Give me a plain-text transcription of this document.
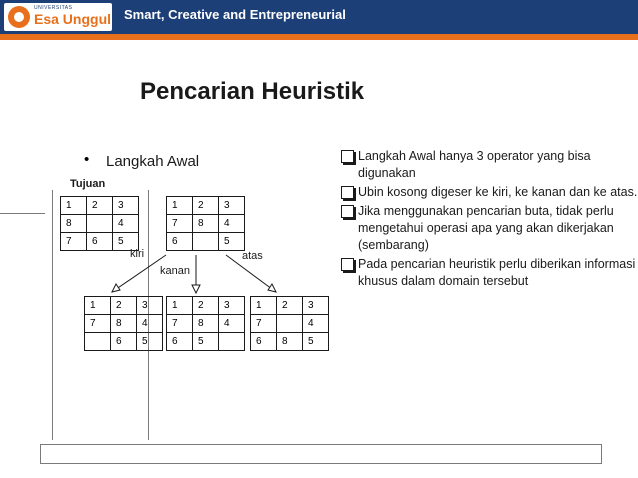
UNIVERSITAS
Esa Unggul Smart, Creative and Entrepreneurial
Pencarian Heuristik
• Langkah Awal	Langkah Awal hanya 3 operator yang bisa digunakan
Ubin kosong digeser ke kiri, ke kanan dan ke atas.
Jika menggunakan pencarian buta, tidak perlu mengetahui operasi apa yang akan dikerjakan (sembarang)
Pada pencarian heuristik perlu diberikan informasi khusus dalam domain tersebut
Tujuan
1	2	3
8		4
7	6	5
1	2	3
7	8	4
6		5
kiri
kanan
atas
1	2	3
7	8	4
	6	5
1	2	3
7	8	4
6	5	
1	2	3
7		4
6	8	5
